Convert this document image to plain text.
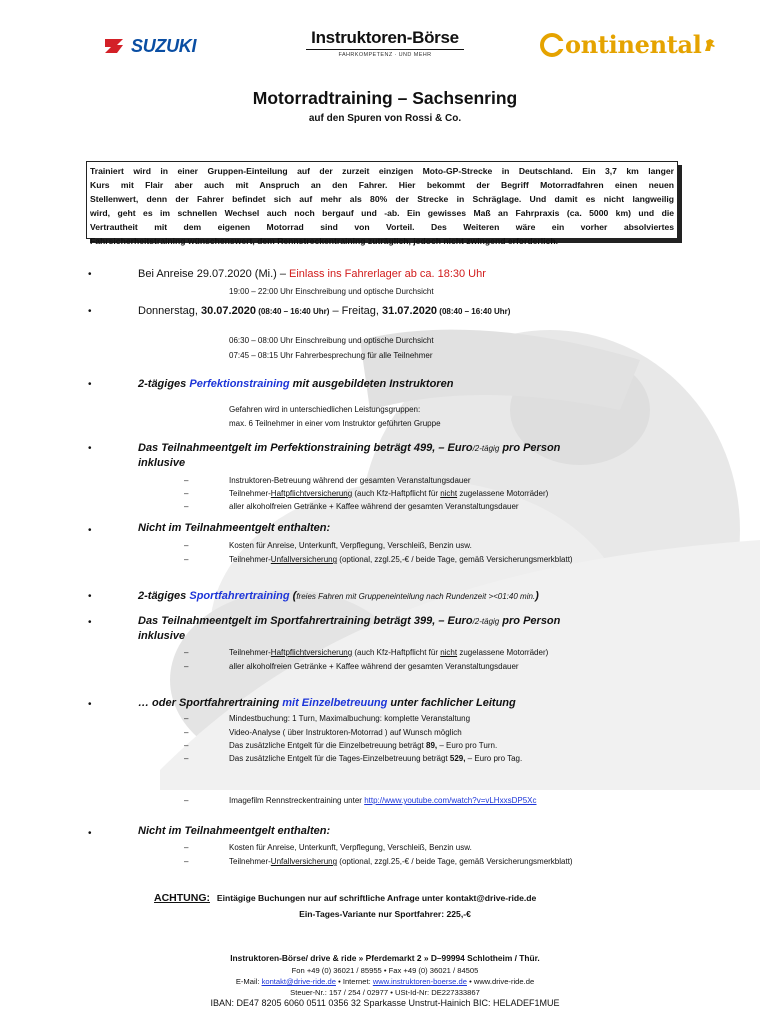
SUZUKI	Instruktoren-Börse
FAHRKOMPETENZ · UND MEHR	ontinental
Motorradtraining – Sachsenring
auf den Spuren von Rossi & Co.
Trainiert wird in einer Gruppen-Einteilung auf der zurzeit einzigen Moto-GP-Strecke in Deutschland. Ein 3,7 km langer
Kurs mit Flair aber auch mit Anspruch an den Fahrer. Hier bekommt der Begriff Motorradfahren einen neuen
Stellenwert, denn der Fahrer befindet sich auf mehr als 80% der Strecke in Schräglage. Und damit es nicht langweilig
wird, geht es im schnellen Wechsel auch noch bergauf und -ab. Ein gewisses Maß an Fahrpraxis (ca. 5000 km) und die
Vertrautheit mit dem eigenen Motorrad sind von Vorteil. Des Weiteren wäre ein vorher absolviertes
Fahrsicherheitstraining wünschenswert, dem Rennstreckentraining zuträglich, jedoch nicht zwingend erforderlich.
•	Bei Anreise 29.07.2020 (Mi.) – Einlass ins Fahrerlager ab ca. 18:30 Uhr
19:00 – 22:00 Uhr Einschreibung und optische Durchsicht
•	Donnerstag, 30.07.2020 (08:40 – 16:40 Uhr) – Freitag, 31.07.2020 (08:40 – 16:40 Uhr)
06:30 – 08:00 Uhr Einschreibung und optische Durchsicht
07:45 – 08:15 Uhr Fahrerbesprechung für alle Teilnehmer
•	2-tägiges Perfektionstraining mit ausgebildeten Instruktoren
Gefahren wird in unterschiedlichen Leistungsgruppen:
max. 6 Teilnehmer in einer vom Instruktor geführten Gruppe
•	Das Teilnahmeentgelt im Perfektionstraining beträgt 499, – Euro/2-tägig pro Person
inklusive
–	Instruktoren-Betreuung während der gesamten Veranstaltungsdauer
–	Teilnehmer-Haftpflichtversicherung (auch Kfz-Haftpflicht für nicht zugelassene Motorräder)
–	aller alkoholfreien Getränke + Kaffee während der gesamten Veranstaltungsdauer
•	Nicht im Teilnahmeentgelt enthalten:
–	Kosten für Anreise, Unterkunft, Verpflegung, Verschleiß, Benzin usw.
–	Teilnehmer-Unfallversicherung (optional, zzgl.25,-€ / beide Tage, gemäß Versicherungsmerkblatt)
•	2-tägiges Sportfahrertraining (freies Fahren mit Gruppeneinteilung nach Rundenzeit ><01:40 min.)
•	Das Teilnahmeentgelt im Sportfahrertraining beträgt 399, – Euro/2-tägig pro Person
inklusive
–	Teilnehmer-Haftpflichtversicherung (auch Kfz-Haftpflicht für nicht zugelassene Motorräder)
–	aller alkoholfreien Getränke + Kaffee während der gesamten Veranstaltungsdauer
•	… oder Sportfahrertraining mit Einzelbetreuung unter fachlicher Leitung
–	Mindestbuchung: 1 Turn, Maximalbuchung: komplette Veranstaltung
–	Video-Analyse ( über Instruktoren-Motorrad ) auf Wunsch möglich
–	Das zusätzliche Entgelt für die Einzelbetreuung beträgt 89, – Euro pro Turn.
–	Das zusätzliche Entgelt für die Tages-Einzelbetreuung beträgt 529, – Euro pro Tag.
–	Imagefilm Rennstreckentraining unter http://www.youtube.com/watch?v=vLHxxsDP5Xc
•	Nicht im Teilnahmeentgelt enthalten:
–	Kosten für Anreise, Unterkunft, Verpflegung, Verschleiß, Benzin usw.
–	Teilnehmer-Unfallversicherung (optional, zzgl.25,-€ / beide Tage, gemäß Versicherungsmerkblatt)
ACHTUNG: Eintägige Buchungen nur auf schriftliche Anfrage unter kontakt@drive-ride.de
Ein-Tages-Variante nur Sportfahrer: 225,-€
Instruktoren-Börse/ drive & ride » Pferdemarkt 2 » D–99994 Schlotheim / Thür.
Fon +49 (0) 36021 / 85955 • Fax +49 (0) 36021 / 84505
E-Mail: kontakt@drive-ride.de • Internet: www.instruktoren-boerse.de • www.drive-ride.de
Steuer-Nr.: 157 / 254 / 02977 • USt-Id-Nr: DE227333867
IBAN: DE47 8205 6060 0511 0356 32 Sparkasse Unstrut-Hainich BIC: HELADEF1MUE
